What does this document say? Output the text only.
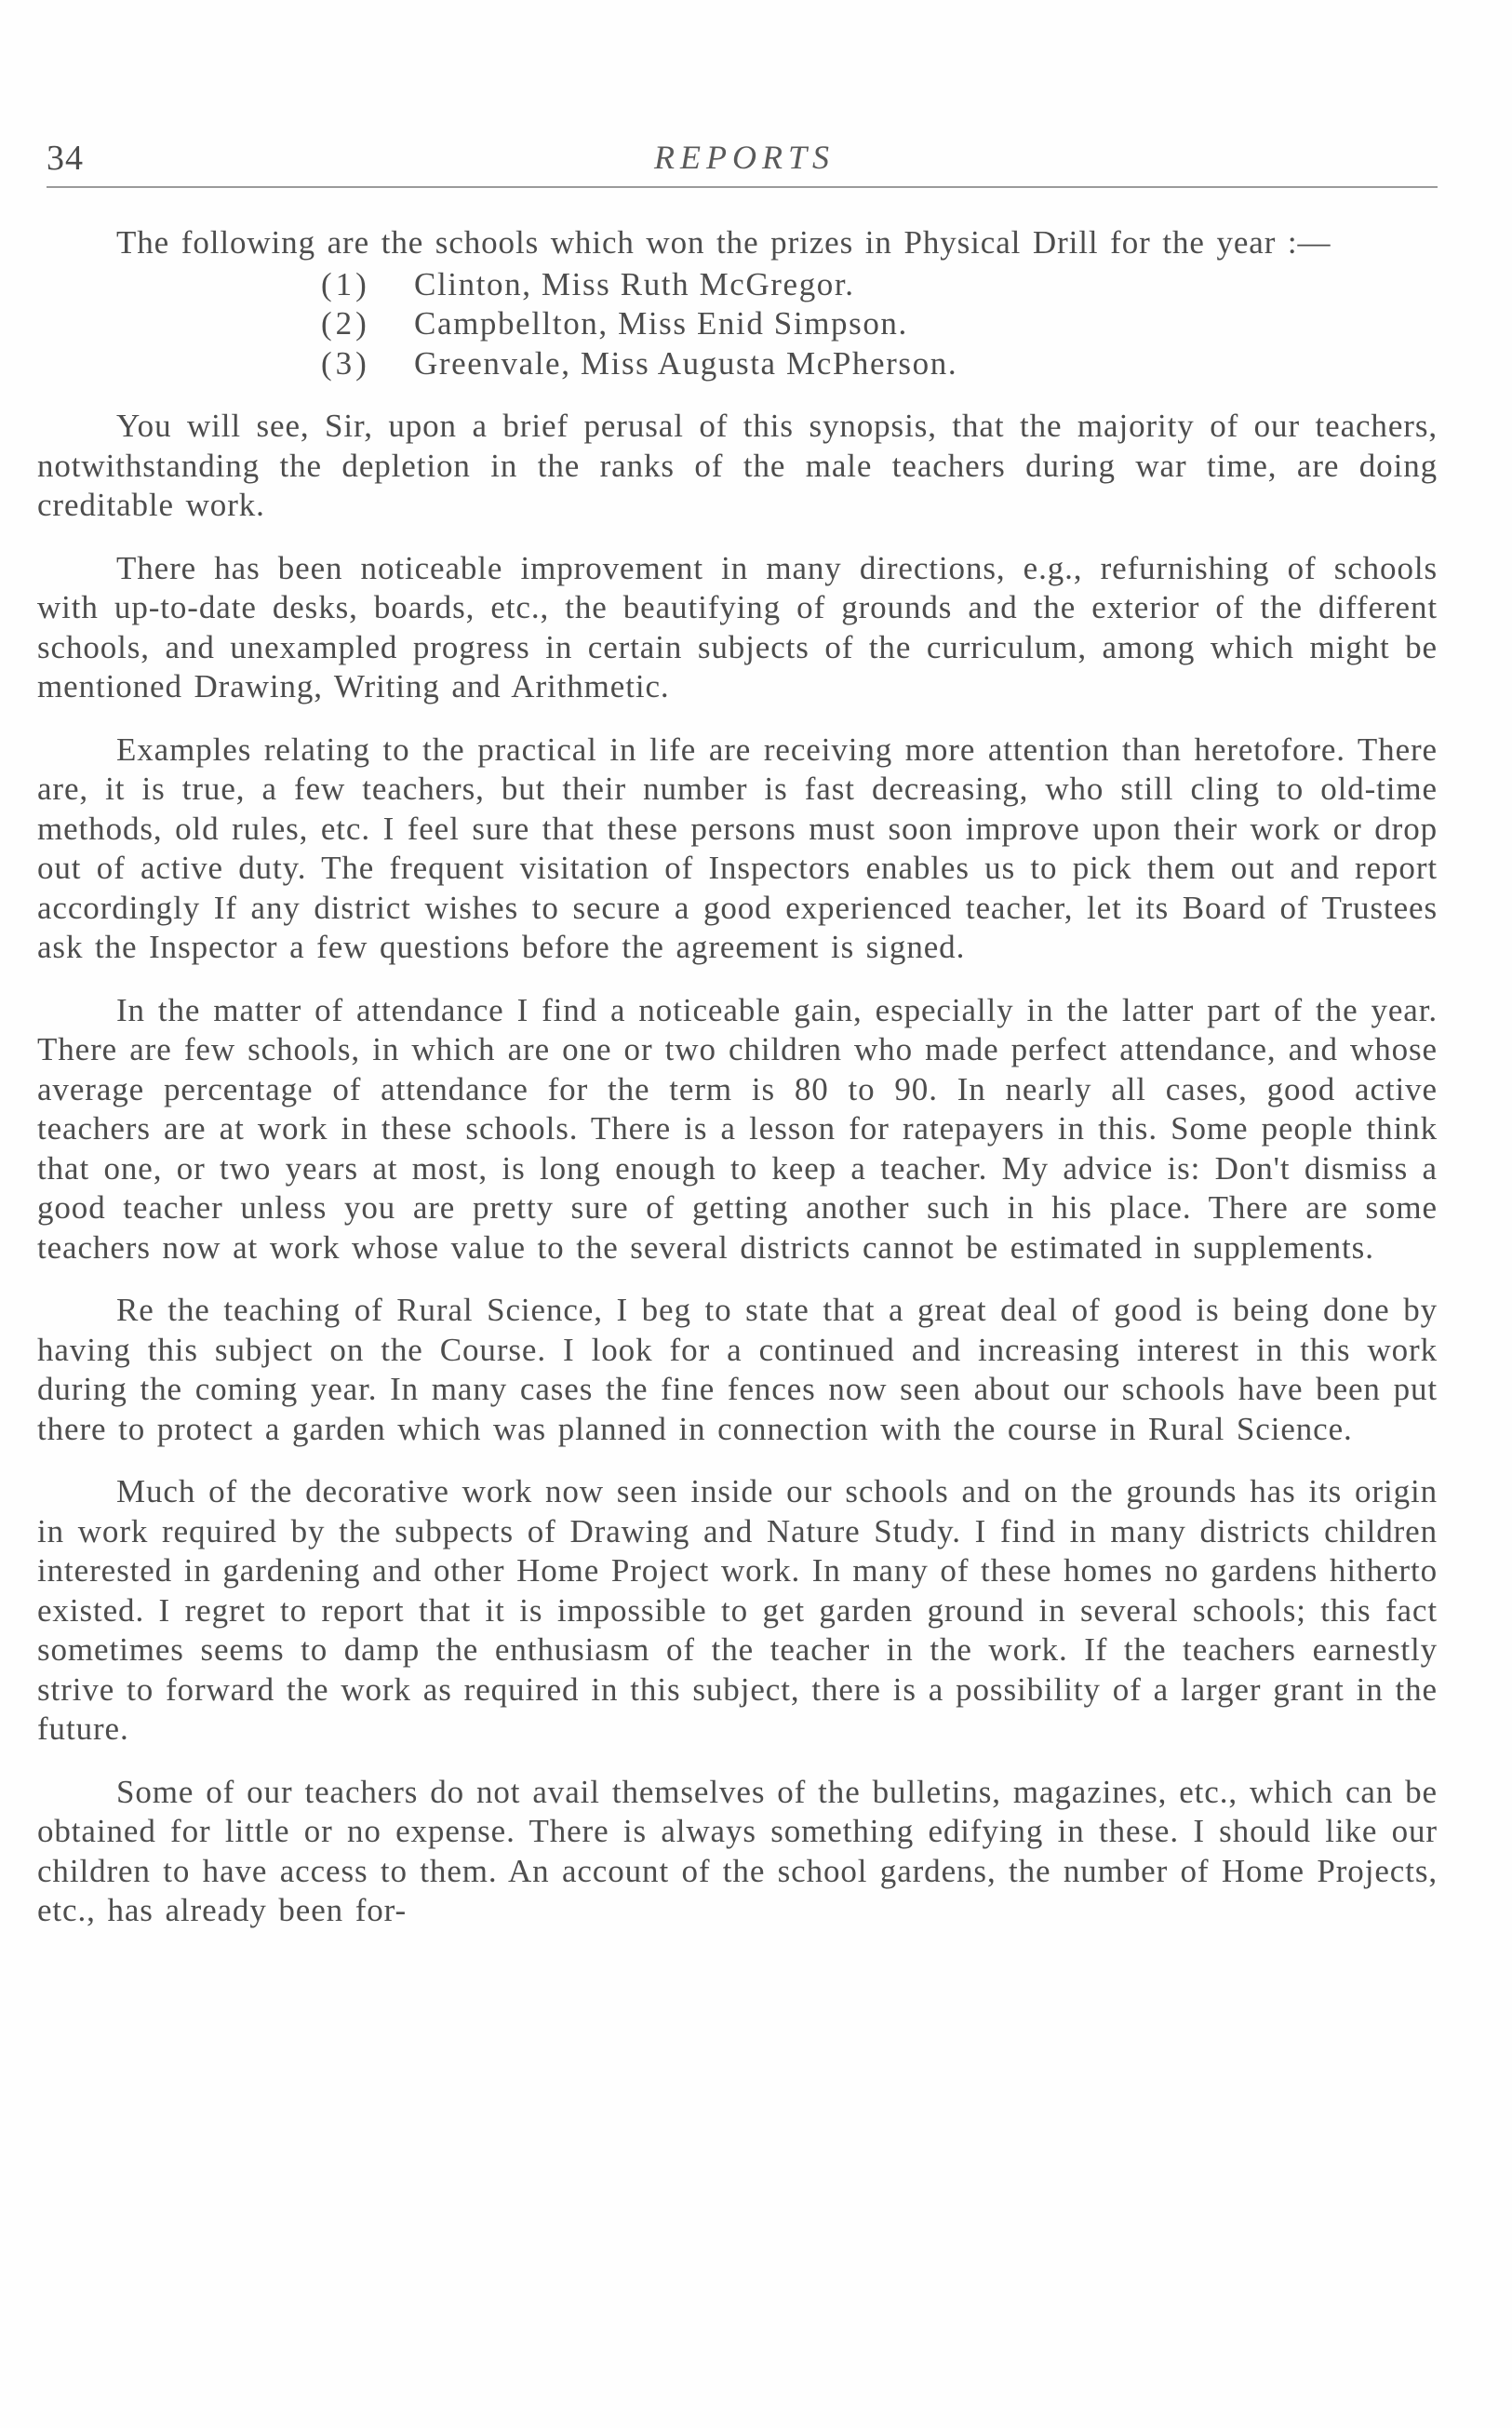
34	REPORTS

The following are the schools which won the prizes in Physical Drill for the year :—

(1) Clinton, Miss Ruth McGregor.
(2) Campbellton, Miss Enid Simpson.
(3) Greenvale, Miss Augusta McPherson.

You will see, Sir, upon a brief perusal of this synopsis, that the majority of our teachers, notwithstanding the depletion in the ranks of the male teachers during war time, are doing creditable work.

There has been noticeable improvement in many directions, e.g., refurnishing of schools with up-to-date desks, boards, etc., the beautifying of grounds and the exterior of the different schools, and unexampled progress in certain subjects of the curriculum, among which might be mentioned Drawing, Writing and Arithmetic.

Examples relating to the practical in life are receiving more attention than heretofore. There are, it is true, a few teachers, but their number is fast decreasing, who still cling to old-time methods, old rules, etc. I feel sure that these persons must soon improve upon their work or drop out of active duty. The frequent visitation of Inspectors enables us to pick them out and report accordingly If any district wishes to secure a good experienced teacher, let its Board of Trustees ask the Inspector a few questions before the agreement is signed.

In the matter of attendance I find a noticeable gain, especially in the latter part of the year. There are few schools, in which are one or two children who made perfect attendance, and whose average percentage of attendance for the term is 80 to 90. In nearly all cases, good active teachers are at work in these schools. There is a lesson for ratepayers in this. Some people think that one, or two years at most, is long enough to keep a teacher. My advice is: Don't dismiss a good teacher unless you are pretty sure of getting another such in his place. There are some teachers now at work whose value to the several districts cannot be estimated in supplements.

Re the teaching of Rural Science, I beg to state that a great deal of good is being done by having this subject on the Course. I look for a continued and increasing interest in this work during the coming year. In many cases the fine fences now seen about our schools have been put there to protect a garden which was planned in connection with the course in Rural Science.

Much of the decorative work now seen inside our schools and on the grounds has its origin in work required by the subpects of Drawing and Nature Study. I find in many districts children interested in gardening and other Home Project work. In many of these homes no gardens hitherto existed. I regret to report that it is impossible to get garden ground in several schools; this fact sometimes seems to damp the enthusiasm of the teacher in the work. If the teachers earnestly strive to forward the work as required in this subject, there is a possibility of a larger grant in the future.

Some of our teachers do not avail themselves of the bulletins, magazines, etc., which can be obtained for little or no expense. There is always something edifying in these. I should like our children to have access to them. An account of the school gardens, the number of Home Projects, etc., has already been for-
